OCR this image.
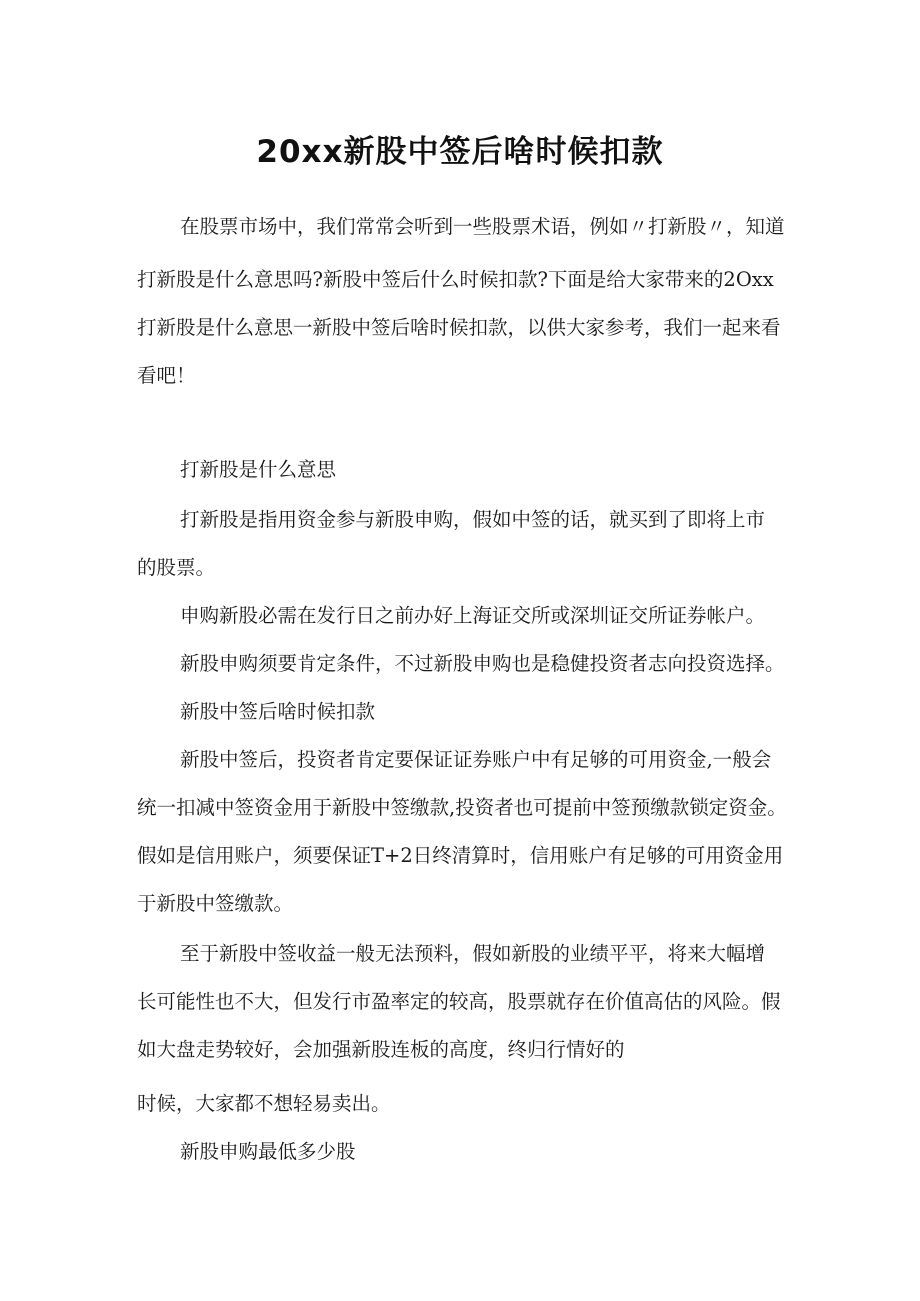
20xx新股中签后啥时候扣款
在股票市场中，我们常常会听到一些股票术语，例如〃打新股〃，知道
打新股是什么意思吗?新股中签后什么时候扣款?下面是给大家带来的2Oxx
打新股是什么意思一新股中签后啥时候扣款，以供大家参考，我们一起来看
看吧！
打新股是什么意思
打新股是指用资金参与新股申购，假如中签的话，就买到了即将上市
的股票。
申购新股必需在发行日之前办好上海证交所或深圳证交所证券帐户。
新股申购须要肯定条件，不过新股申购也是稳健投资者志向投资选择。
新股中签后啥时候扣款
新股中签后，投资者肯定要保证证券账户中有足够的可用资金,一般会
统一扣减中签资金用于新股中签缴款,投资者也可提前中签预缴款锁定资金。
假如是信用账户，须要保证T+2日终清算时，信用账户有足够的可用资金用
于新股中签缴款。
至于新股中签收益一般无法预料，假如新股的业绩平平，将来大幅增
长可能性也不大，但发行市盈率定的较高，股票就存在价值高估的风险。假
如大盘走势较好，会加强新股连板的高度，终归行情好的
时候，大家都不想轻易卖出。
新股申购最低多少股
